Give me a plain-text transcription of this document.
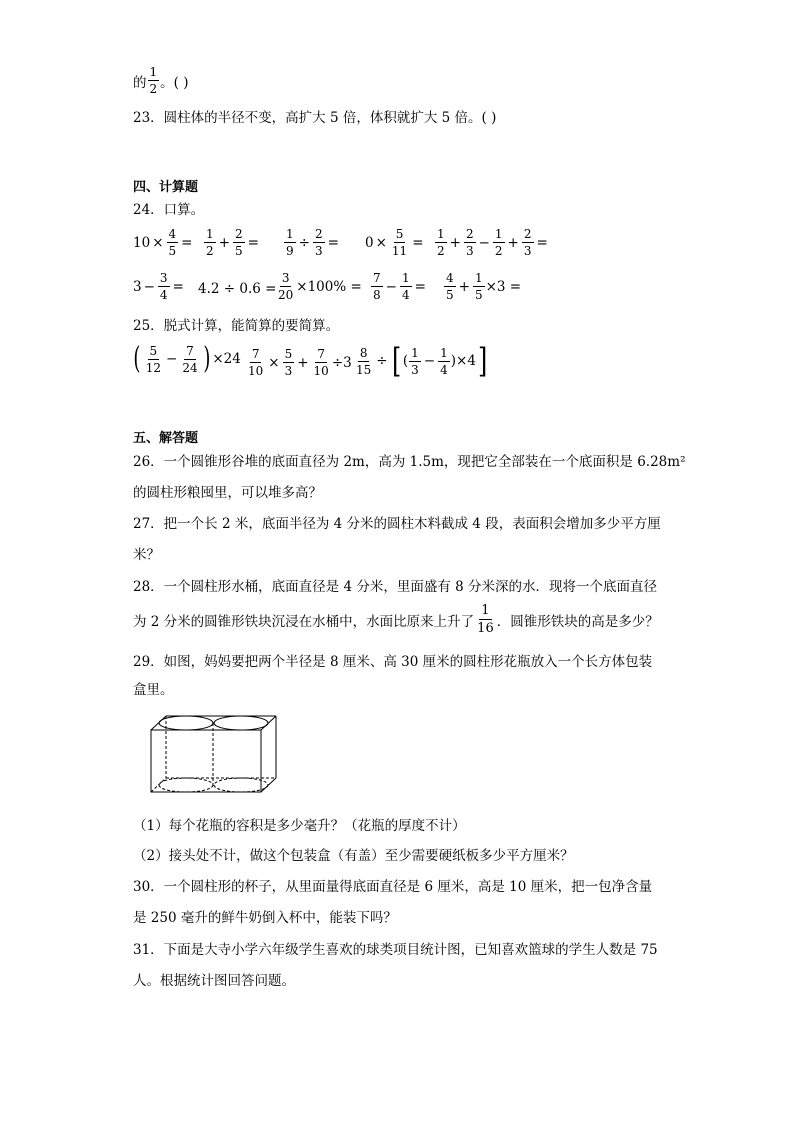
的 $\frac{1}{2}$ 。( )
23．圆柱体的半径不变，高扩大 5 倍，体积就扩大 5 倍。( )
四、计算题
24．口算。
$10 \times \frac{4}{5} = \frac{1}{2} + \frac{2}{5} = \frac{1}{9} \div \frac{2}{3} = 0 \times \frac{5}{11} = \frac{1}{2} + \frac{2}{3} - \frac{1}{2} + \frac{2}{3}$ =
$3 - \frac{3}{4} = 4.2 \div 0.6 = \frac{3}{20} \times 100\% = \frac{7}{8} - \frac{1}{4} = \frac{4}{5} + \frac{1}{5} \times 3$ =
25．脱式计算，能简算的要简算。
( $\frac{5}{12} - \frac{7}{24}$ ) $\times 24 \frac{7}{10} \times \frac{5}{3} + \frac{7}{10} \div 3 \frac{8}{15}$ ÷ [ ( $\frac{1}{3} - \frac{1}{4}$ ) ×4 ]
五、解答题
26．一个圆锥形谷堆的底面直径为 2m，高为 1.5m，现把它全部装在一个底面积是 6.28m²
的圆柱形粮囤里，可以堆多高？
27．把一个长 2 米，底面半径为 4 分米的圆柱木料截成 4 段，表面积会增加多少平方厘
米？
28．一个圆柱形水桶，底面直径是 4 分米，里面盛有 8 分米深的水．现将一个底面直径
为 2 分米的圆锥形铁块沉浸在水桶中，水面比原来上升了 $\frac{1}{16}$ ．圆锥形铁块的高是多少？
29．如图，妈妈要把两个半径是 8 厘米、高 30 厘米的圆柱形花瓶放入一个长方体包装
盒里。
（1）每个花瓶的容积是多少毫升？（花瓶的厚度不计）
（2）接头处不计，做这个包装盒（有盖）至少需要硬纸板多少平方厘米？
30．一个圆柱形的杯子，从里面量得底面直径是 6 厘米，高是 10 厘米，把一包净含量
是 250 毫升的鲜牛奶倒入杯中，能装下吗？
31．下面是大寺小学六年级学生喜欢的球类项目统计图，已知喜欢篮球的学生人数是 75
人。根据统计图回答问题。
